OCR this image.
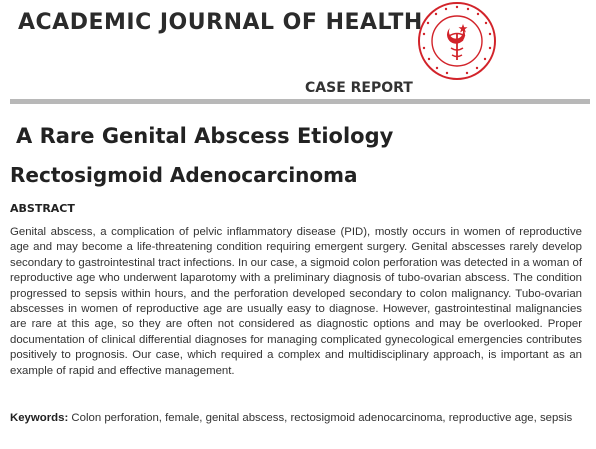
ACADEMIC JOURNAL OF HEALTH
CASE REPORT
A Rare Genital Abscess Etiology
Rectosigmoid Adenocarcinoma
ABSTRACT
Genital abscess, a complication of pelvic inflammatory disease (PID), mostly occurs in women of reproductive age and may become a life-threatening condition requiring emergent surgery. Genital abscesses rarely develop secondary to gastrointestinal tract infections. In our case, a sigmoid colon perforation was detected in a woman of reproductive age who underwent laparotomy with a preliminary diagnosis of tubo-ovarian abscess. The condition progressed to sepsis within hours, and the perforation developed secondary to colon malignancy. Tubo-ovarian abscesses in women of reproductive age are usually easy to diagnose. However, gastrointestinal malignancies are rare at this age, so they are often not considered as diagnostic options and may be overlooked. Proper documentation of clinical differential diagnoses for managing complicated gynecological emergencies contributes positively to prognosis. Our case, which required a complex and multidisciplinary approach, is important as an example of rapid and effective management.
Keywords: Colon perforation, female, genital abscess, rectosigmoid adenocarcinoma, reproductive age, sepsis
